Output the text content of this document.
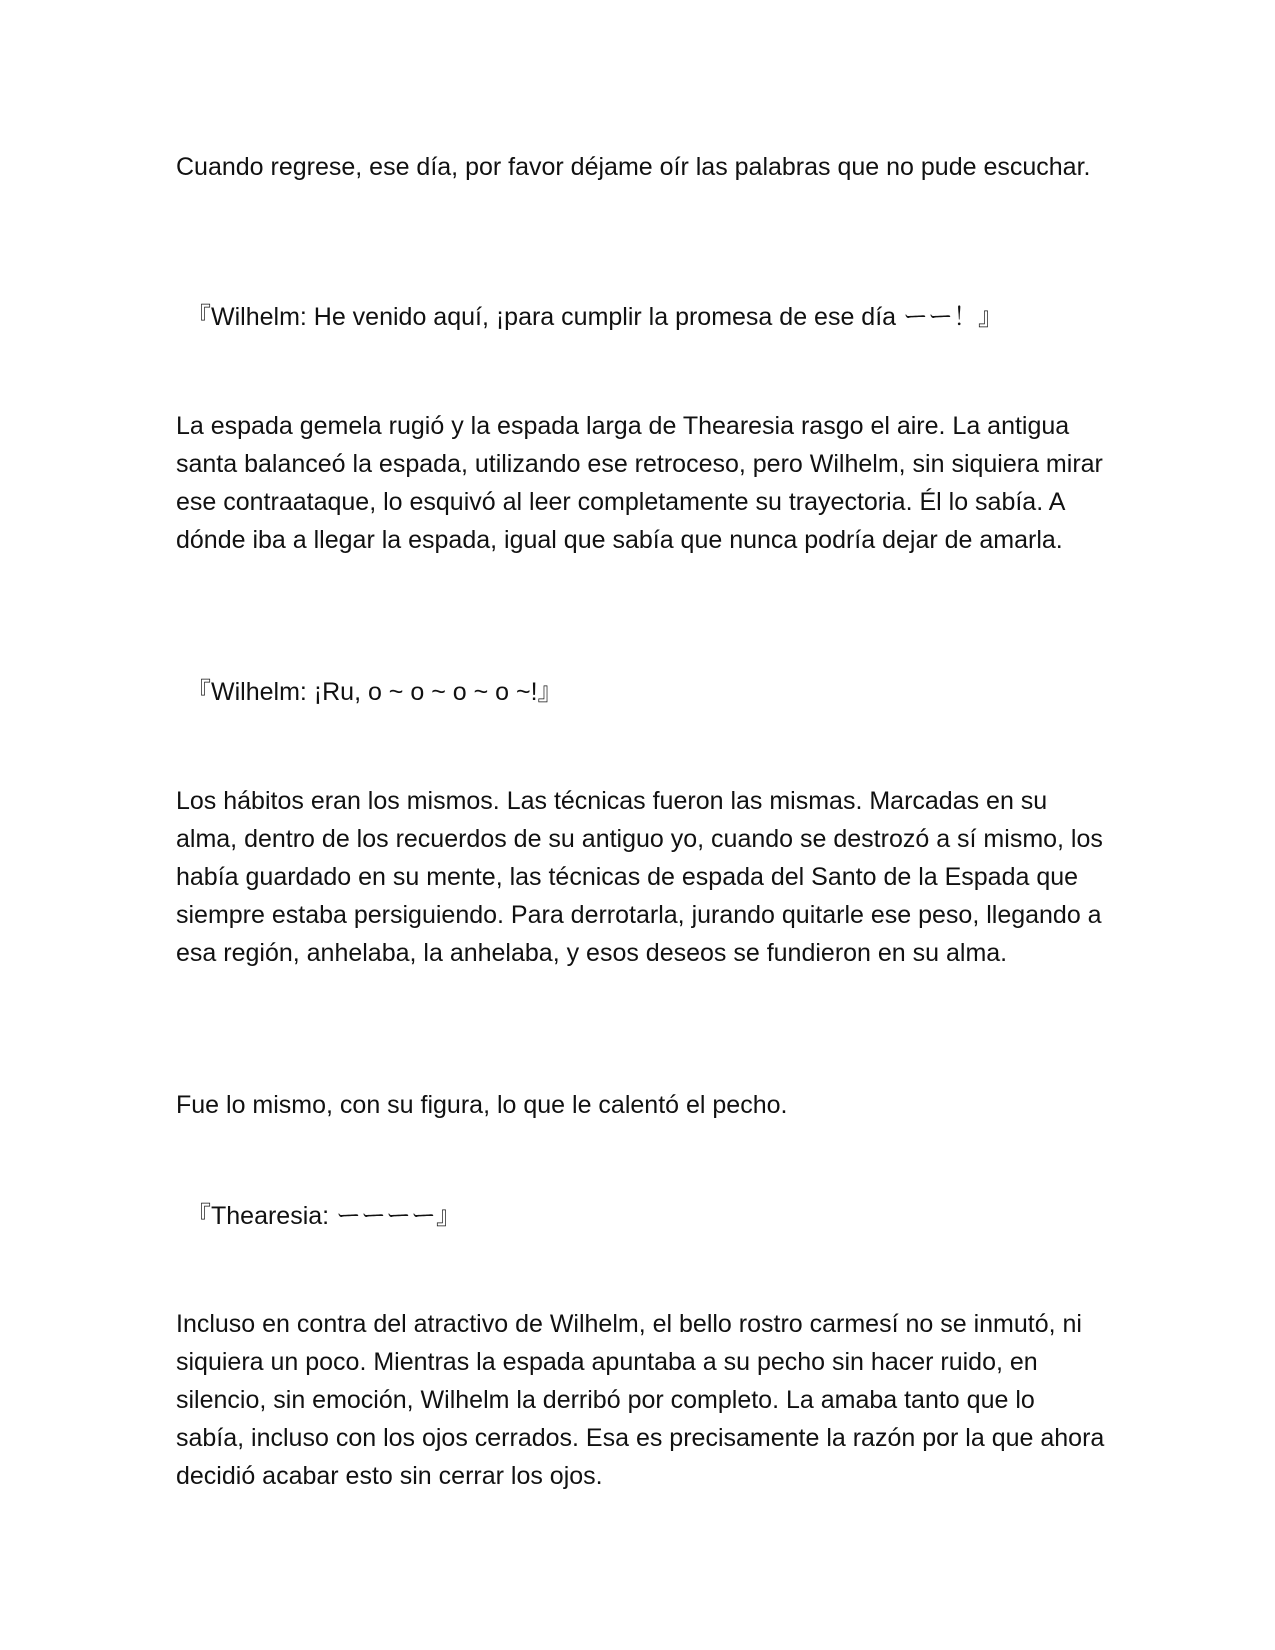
Cuando regrese, ese día, por favor déjame oír las palabras que no pude escuchar.

『Wilhelm: He venido aquí, ¡para cumplir la promesa de ese día ーー！』

La espada gemela rugió y la espada larga de Thearesia rasgo el aire. La antigua santa balanceó la espada, utilizando ese retroceso, pero Wilhelm, sin siquiera mirar ese contraataque, lo esquivó al leer completamente su trayectoria. Él lo sabía. A dónde iba a llegar la espada, igual que sabía que nunca podría dejar de amarla.

『Wilhelm: ¡Ru, o ~ o ~ o ~ o ~!』

Los hábitos eran los mismos. Las técnicas fueron las mismas. Marcadas en su alma, dentro de los recuerdos de su antiguo yo, cuando se destrozó a sí mismo, los había guardado en su mente, las técnicas de espada del Santo de la Espada que siempre estaba persiguiendo. Para derrotarla, jurando quitarle ese peso, llegando a esa región, anhelaba, la anhelaba, y esos deseos se fundieron en su alma.

Fue lo mismo, con su figura, lo que le calentó el pecho.

『Thearesia: ーーーー』

Incluso en contra del atractivo de Wilhelm, el bello rostro carmesí no se inmutó, ni siquiera un poco. Mientras la espada apuntaba a su pecho sin hacer ruido, en silencio, sin emoción, Wilhelm la derribó por completo. La amaba tanto que lo sabía, incluso con los ojos cerrados. Esa es precisamente la razón por la que ahora decidió acabar esto sin cerrar los ojos.
